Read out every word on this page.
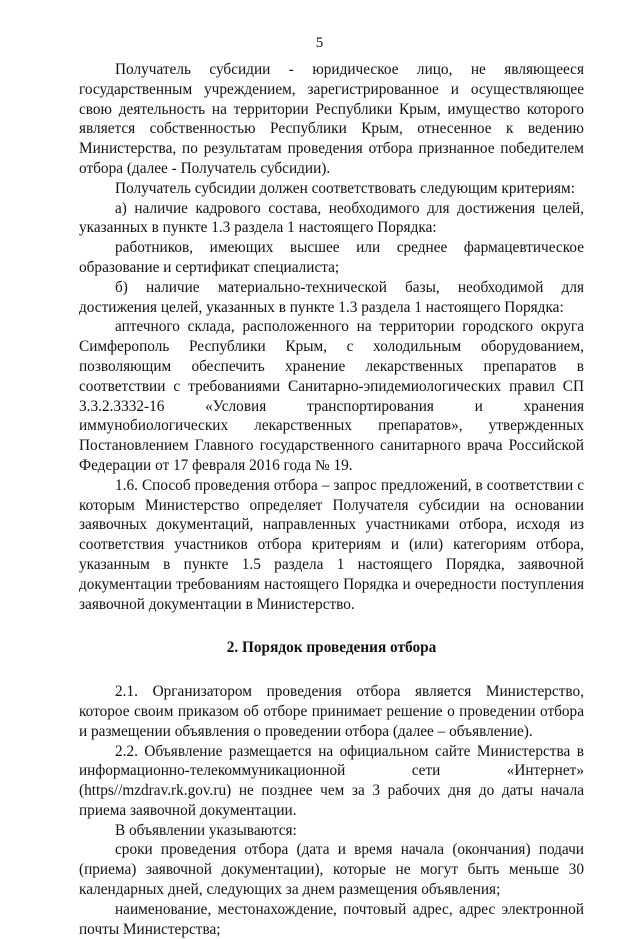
5

Получатель субсидии - юридическое лицо, не являющееся государственным учреждением, зарегистрированное и осуществляющее свою деятельность на территории Республики Крым, имущество которого является собственностью Республики Крым, отнесенное к ведению Министерства, по результатам проведения отбора признанное победителем отбора (далее - Получатель субсидии).

Получатель субсидии должен соответствовать следующим критериям:

а) наличие кадрового состава, необходимого для достижения целей, указанных в пункте 1.3 раздела 1 настоящего Порядка:

работников, имеющих высшее или среднее фармацевтическое образование и сертификат специалиста;

б) наличие материально-технической базы, необходимой для достижения целей, указанных в пункте 1.3 раздела 1 настоящего Порядка:

аптечного склада, расположенного на территории городского округа Симферополь Республики Крым, с холодильным оборудованием, позволяющим обеспечить хранение лекарственных препаратов в соответствии с требованиями Санитарно-эпидемиологических правил СП 3.3.2.3332-16 «Условия транспортирования и хранения иммунобиологических лекарственных препаратов», утвержденных Постановлением Главного государственного санитарного врача Российской Федерации от 17 февраля 2016 года № 19.

1.6. Способ проведения отбора – запрос предложений, в соответствии с которым Министерство определяет Получателя субсидии на основании заявочных документаций, направленных участниками отбора, исходя из соответствия участников отбора критериям и (или) категориям отбора, указанным в пункте 1.5 раздела 1 настоящего Порядка, заявочной документации требованиям настоящего Порядка и очередности поступления заявочной документации в Министерство.

2. Порядок проведения отбора

2.1. Организатором проведения отбора является Министерство, которое своим приказом об отборе принимает решение о проведении отбора и размещении объявления о проведении отбора (далее – объявление).

2.2. Объявление размещается на официальном сайте Министерства в информационно-телекоммуникационной сети «Интернет» (https//mzdrav.rk.gov.ru) не позднее чем за 3 рабочих дня до даты начала приема заявочной документации.

В объявлении указываются:

сроки проведения отбора (дата и время начала (окончания) подачи (приема) заявочной документации), которые не могут быть меньше 30 календарных дней, следующих за днем размещения объявления;

наименование, местонахождение, почтовый адрес, адрес электронной почты Министерства;
